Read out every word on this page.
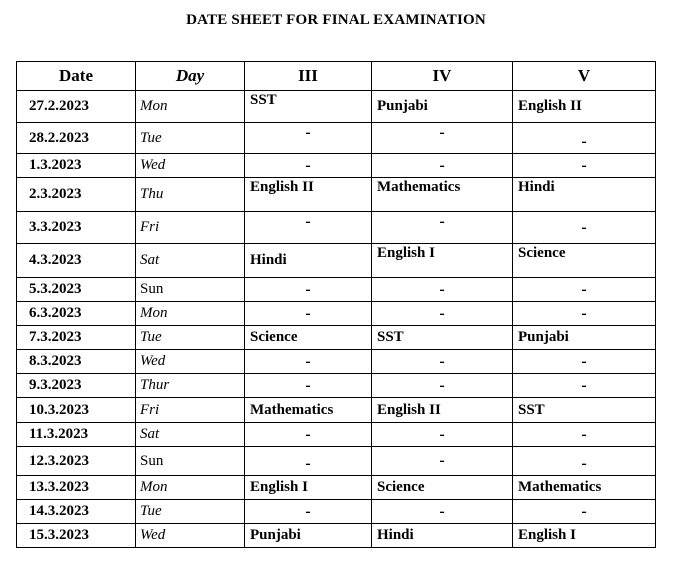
DATE SHEET FOR FINAL EXAMINATION
Date	Day	III	IV	V
27.2.2023	Mon	SST	Punjabi	English II
28.2.2023	Tue	-	-	-
1.3.2023	Wed	-	-	-
2.3.2023	Thu	English II	Mathematics	Hindi
3.3.2023	Fri	-	-	-
4.3.2023	Sat	Hindi	English I	Science
5.3.2023	Sun	-	-	-
6.3.2023	Mon	-	-	-
7.3.2023	Tue	Science	SST	Punjabi
8.3.2023	Wed	-	-	-
9.3.2023	Thur	-	-	-
10.3.2023	Fri	Mathematics	English II	SST
11.3.2023	Sat	-	-	-
12.3.2023	Sun	-	-	-
13.3.2023	Mon	English I	Science	Mathematics
14.3.2023	Tue	-	-	-
15.3.2023	Wed	Punjabi	Hindi	English I
